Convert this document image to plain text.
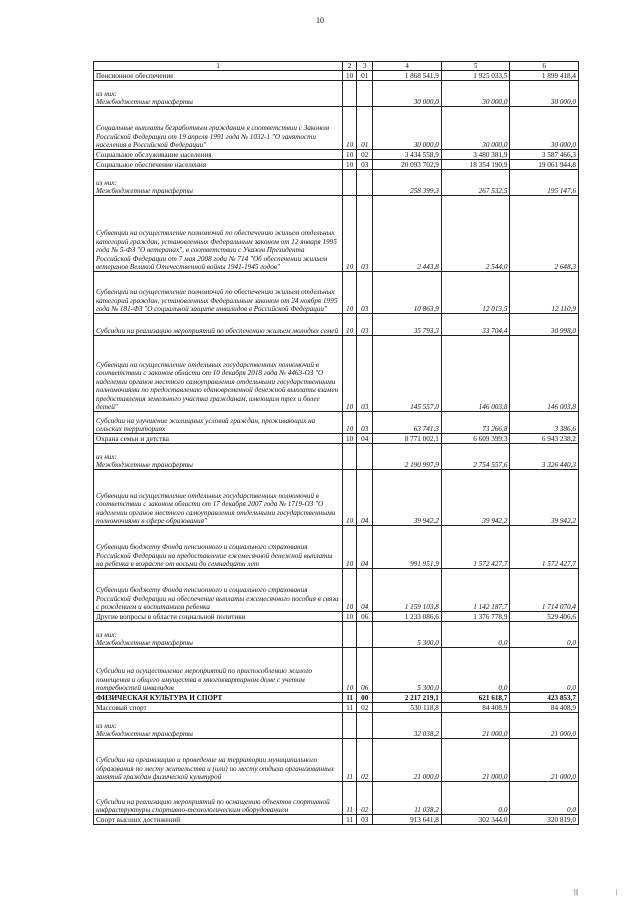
10
1	2	3	4	5	6
Пенсионное обеспечение	10	01	1 868 541,9	1 925 033,5	1 899 418,4
из них:
Межбюджетные трансферты			30 000,0	30 000,0	30 000,0
Социальные выплаты безработным гражданам в соответствии с Законом Российской Федерации от 19 апреля 1991 года № 1032-1 "О занятости населения в Российской Федерации"	10	01	30 000,0	30 000,0	30 000,0
Социальное обслуживание населения	10	02	3 434 558,9	3 480 381,9	3 587 466,3
Социальное обеспечение населения	10	03	20 093 702,9	18 354 190,9	19 061 944,8
из них:
Межбюджетные трансферты			258 399,3	267 532,5	195 147,6
Субвенции на осуществление полномочий по обеспечению жильем отдельных категорий граждан, установленных Федеральным законом от 12 января 1995 года № 5-ФЗ "О ветеранах", в соответствии с Указом Президента Российской Федерации от 7 мая 2008 года № 714 "Об обеспечении жильем ветеранов Великой Отечественной войны 1941-1945 годов"	10	03	2 443,8	2 544,0	2 648,3
Субвенции на осуществление полномочий по обеспечению жильем отдельных категорий граждан, установленных Федеральным законом от 24 ноября 1995 года № 181-ФЗ "О социальной защите инвалидов в Российской Федерации"	10	03	10 863,9	12 013,5	12 110,9
Субсидии на реализацию мероприятий по обеспечению жильем молодых семей	10	03	35 793,3	33 704,4	30 998,0
Субвенции на осуществление отдельных государственных полномочий в соответствии с законом области от 10 декабря 2018 года № 4463-ОЗ "О наделении органов местного самоуправления отдельными государственными полномочиями по предоставлению единовременной денежной выплаты взамен предоставления земельного участка гражданам, имеющим трех и более детей"	10	03	145 557,0	146 003,8	146 003,8
Субсидии на улучшение жилищных условий граждан, проживающих на сельских территориях	10	03	63 741,3	73 266,8	3 386,6
Охрана семьи и детства	10	04	8 771 002,1	6 609 399,3	6 943 238,2
из них:
Межбюджетные трансферты			2 190 997,9	2 754 557,6	3 326 440,3
Субвенции на осуществление отдельных государственных полномочий в соответствии с законом области от 17 декабря 2007 года № 1719-ОЗ "О наделении органов местного самоуправления отдельными государственными полномочиями в сфере образования"	10	04	39 942,2	39 942,2	39 942,2
Субвенции бюджету Фонда пенсионного и социального страхования Российской Федерации на предоставление ежемесячной денежной выплаты на ребенка в возрасте от восьми до семнадцати лет	10	04	991 951,9	1 572 427,7	1 572 427,7
Субвенции бюджету Фонда пенсионного и социального страхования Российской Федерации на обеспечение выплаты ежемесячного пособия в связи с рождением и воспитанием ребенка	10	04	1 159 103,8	1 142 187,7	1 714 070,4
Другие вопросы в области социальной политики	10	06	1 233 086,6	1 376 778,9	529 406,6
из них:
Межбюджетные трансферты			5 300,0	0,0	0,0
Субсидии на осуществление мероприятий по приспособлению жилого помещения и общего имущества в многоквартирном доме с учетом потребностей инвалидов	10	06	5 300,0	0,0	0,0
ФИЗИЧЕСКАЯ КУЛЬТУРА И СПОРТ	11	00	2 217 219,1	621 618,7	423 853,7
Массовый спорт	11	02	530 118,8	84 408,9	84 408,9
из них:
Межбюджетные трансферты			32 038,2	21 000,0	21 000,0
Субсидии на организацию и проведение на территории муниципального образования по месту жительства и (или) по месту отдыха организованных занятий граждан физической культурой	11	02	21 000,0	21 000,0	21 000,0
Субсидии на реализацию мероприятий по оснащению объектов спортивной инфраструктуры спортивно-технологическим оборудованием	11	02	11 038,2	0,0	0,0
Спорт высших достижений	11	03	913 641,8	302 344,0	320 819,0
|||	|
